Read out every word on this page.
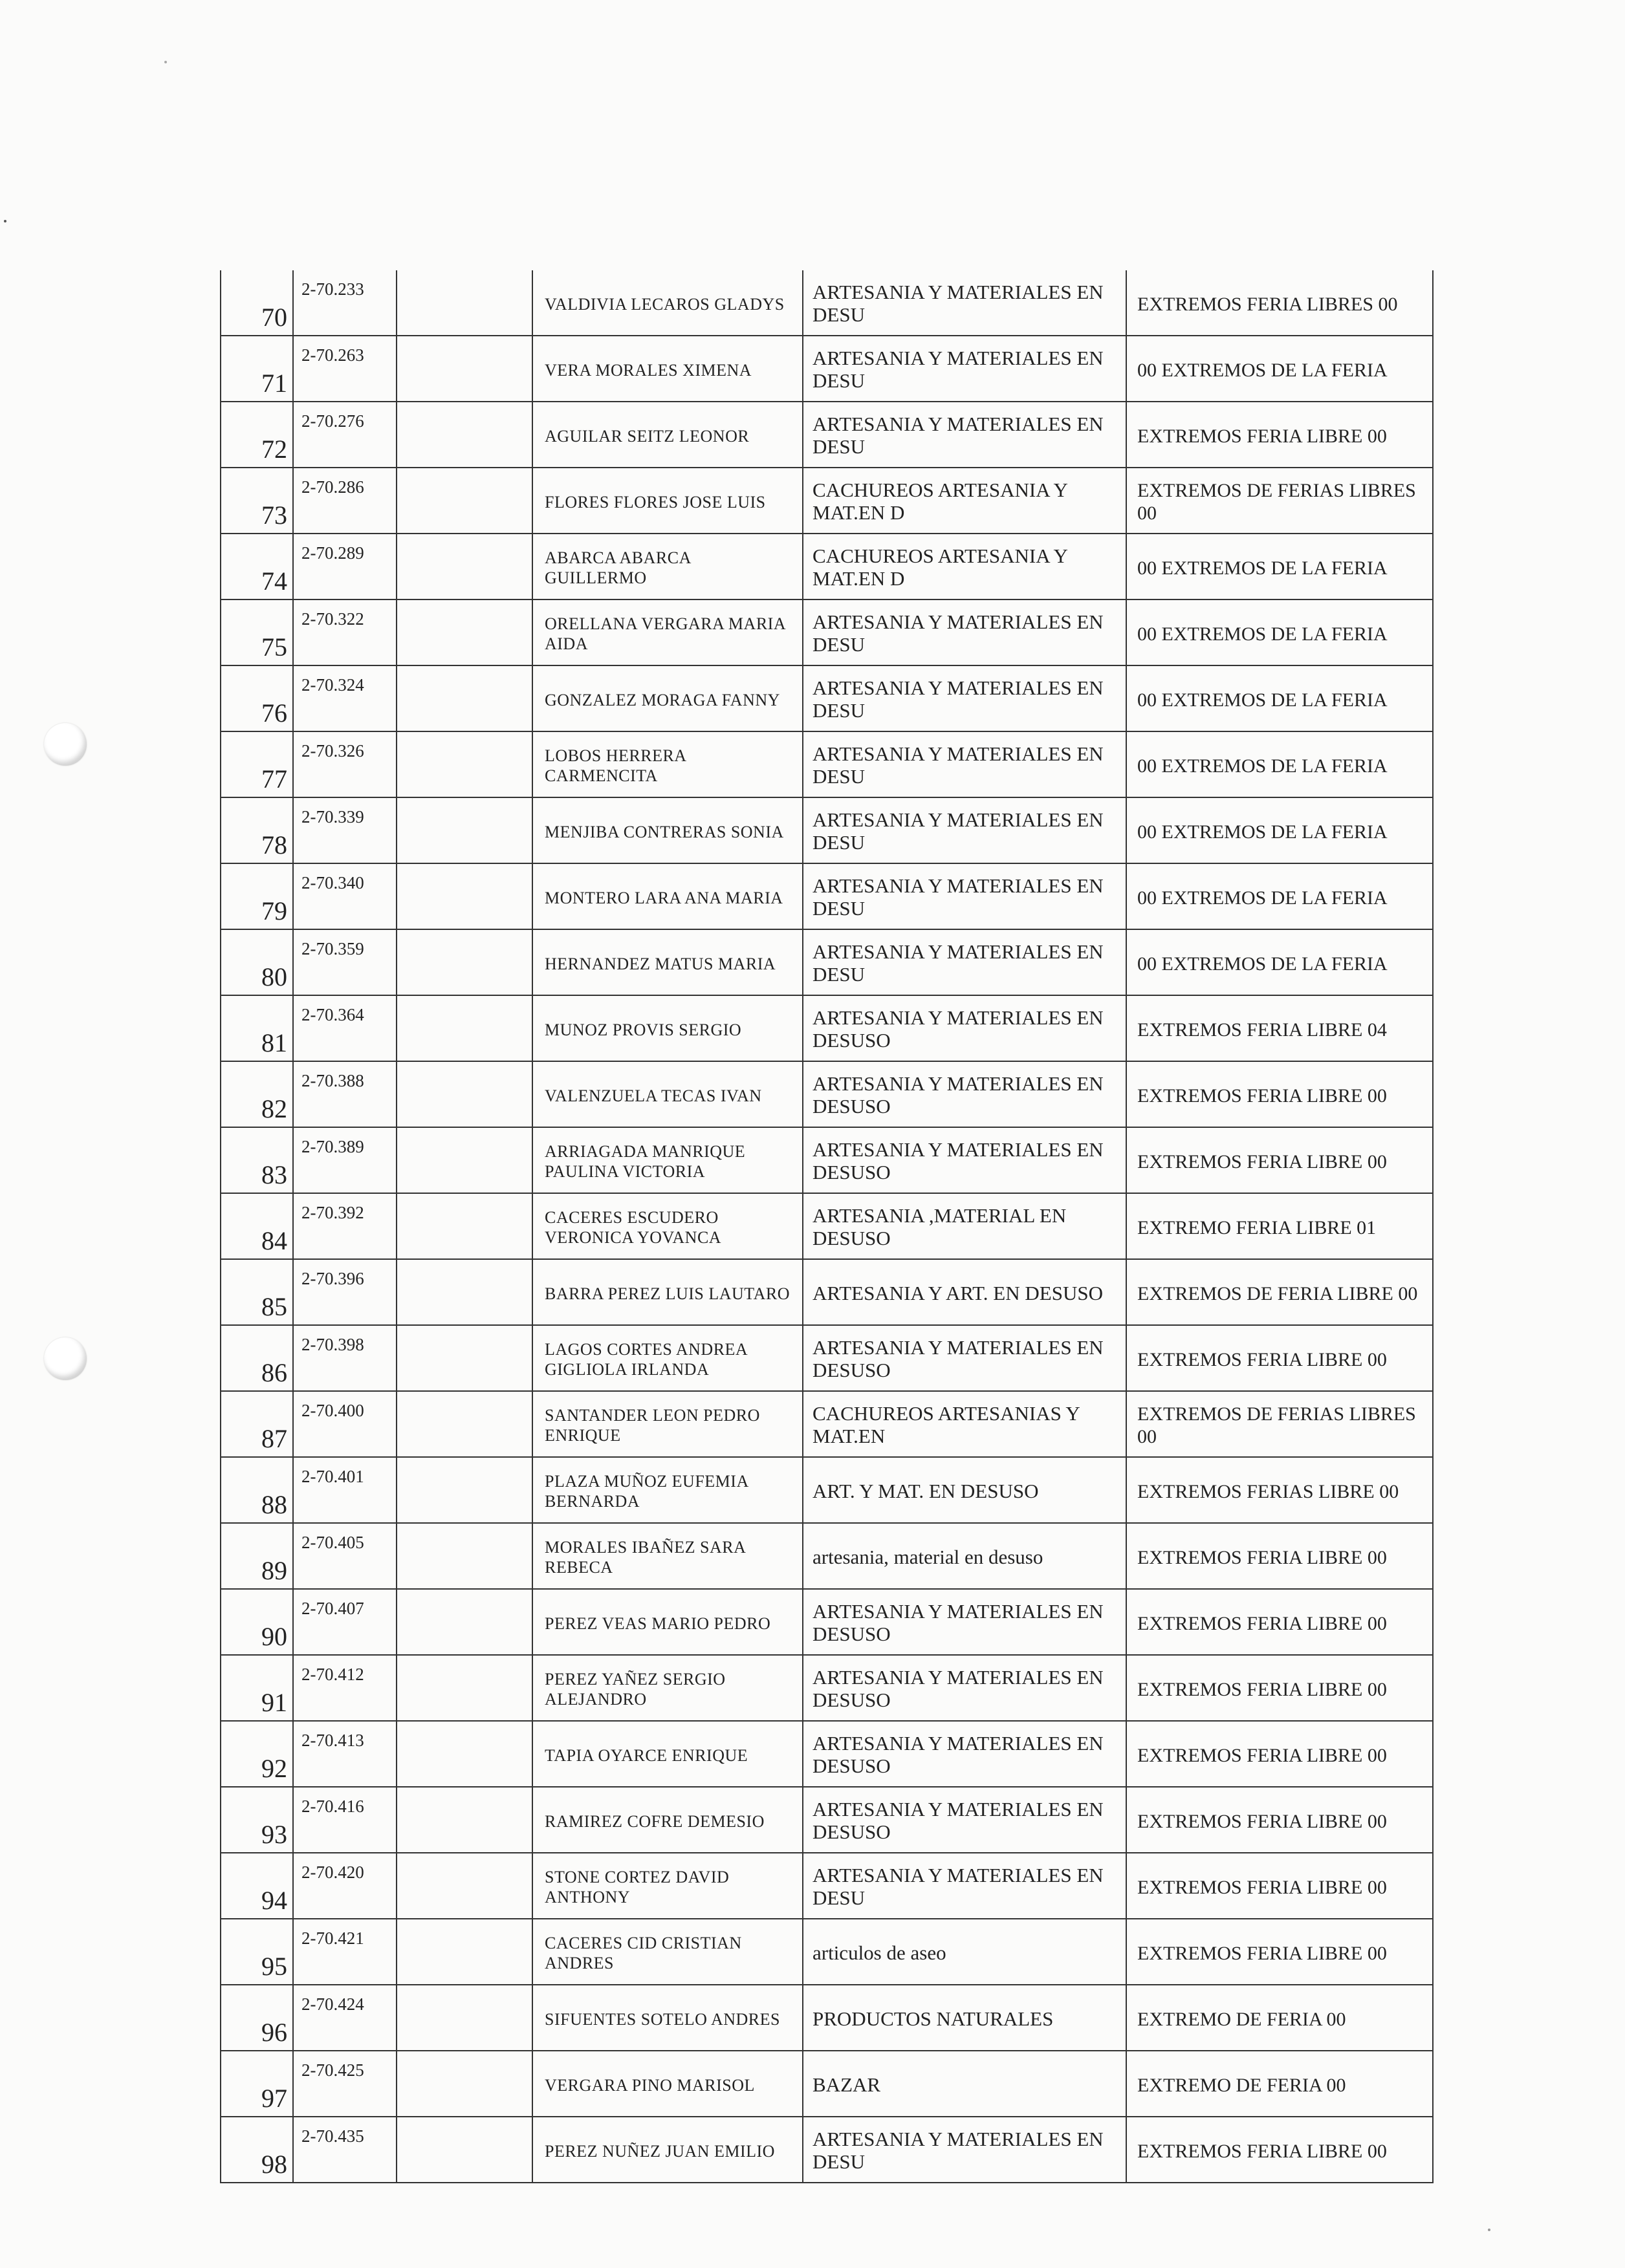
70	2-70.233		VALDIVIA LECAROS GLADYS	ARTESANIA Y MATERIALES EN DESU	EXTREMOS FERIA LIBRES 00
71	2-70.263		VERA MORALES XIMENA	ARTESANIA Y MATERIALES EN DESU	00 EXTREMOS DE LA FERIA
72	2-70.276		AGUILAR SEITZ LEONOR	ARTESANIA Y MATERIALES EN DESU	EXTREMOS FERIA LIBRE 00
73	2-70.286		FLORES FLORES JOSE LUIS	CACHUREOS ARTESANIA Y MAT.EN D	EXTREMOS DE FERIAS LIBRES 00
74	2-70.289		ABARCA ABARCA GUILLERMO	CACHUREOS ARTESANIA Y MAT.EN D	00 EXTREMOS DE LA FERIA
75	2-70.322		ORELLANA VERGARA MARIA AIDA	ARTESANIA Y MATERIALES EN DESU	00 EXTREMOS DE LA FERIA
76	2-70.324		GONZALEZ MORAGA FANNY	ARTESANIA Y MATERIALES EN DESU	00 EXTREMOS DE LA FERIA
77	2-70.326		LOBOS HERRERA CARMENCITA	ARTESANIA Y MATERIALES EN DESU	00 EXTREMOS DE LA FERIA
78	2-70.339		MENJIBA CONTRERAS SONIA	ARTESANIA Y MATERIALES EN DESU	00 EXTREMOS DE LA FERIA
79	2-70.340		MONTERO LARA ANA MARIA	ARTESANIA Y MATERIALES EN DESU	00 EXTREMOS DE LA FERIA
80	2-70.359		HERNANDEZ MATUS MARIA	ARTESANIA Y MATERIALES EN DESU	00 EXTREMOS DE LA FERIA
81	2-70.364		MUNOZ PROVIS SERGIO	ARTESANIA Y MATERIALES EN DESUSO	EXTREMOS FERIA LIBRE 04
82	2-70.388		VALENZUELA TECAS IVAN	ARTESANIA Y MATERIALES EN DESUSO	EXTREMOS FERIA LIBRE 00
83	2-70.389		ARRIAGADA MANRIQUE PAULINA VICTORIA	ARTESANIA Y MATERIALES EN DESUSO	EXTREMOS FERIA LIBRE 00
84	2-70.392		CACERES ESCUDERO VERONICA YOVANCA	ARTESANIA ,MATERIAL EN DESUSO	EXTREMO FERIA LIBRE 01
85	2-70.396		BARRA PEREZ LUIS LAUTARO	ARTESANIA Y ART. EN DESUSO	EXTREMOS DE FERIA LIBRE 00
86	2-70.398		LAGOS CORTES ANDREA GIGLIOLA IRLANDA	ARTESANIA Y MATERIALES EN DESUSO	EXTREMOS FERIA LIBRE 00
87	2-70.400		SANTANDER LEON PEDRO ENRIQUE	CACHUREOS ARTESANIAS Y MAT.EN	EXTREMOS DE FERIAS LIBRES 00
88	2-70.401		PLAZA MUÑOZ EUFEMIA BERNARDA	ART. Y MAT. EN DESUSO	EXTREMOS FERIAS LIBRE 00
89	2-70.405		MORALES IBAÑEZ SARA REBECA	artesania, material en desuso	EXTREMOS FERIA LIBRE 00
90	2-70.407		PEREZ VEAS MARIO PEDRO	ARTESANIA Y MATERIALES EN DESUSO	EXTREMOS FERIA LIBRE 00
91	2-70.412		PEREZ YAÑEZ SERGIO ALEJANDRO	ARTESANIA Y MATERIALES EN DESUSO	EXTREMOS FERIA LIBRE 00
92	2-70.413		TAPIA OYARCE ENRIQUE	ARTESANIA Y MATERIALES EN DESUSO	EXTREMOS FERIA LIBRE 00
93	2-70.416		RAMIREZ COFRE DEMESIO	ARTESANIA Y MATERIALES EN DESUSO	EXTREMOS FERIA LIBRE 00
94	2-70.420		STONE CORTEZ DAVID ANTHONY	ARTESANIA Y MATERIALES EN DESU	EXTREMOS FERIA LIBRE 00
95	2-70.421		CACERES CID CRISTIAN ANDRES	articulos de aseo	EXTREMOS FERIA LIBRE 00
96	2-70.424		SIFUENTES SOTELO ANDRES	PRODUCTOS NATURALES	EXTREMO DE FERIA 00
97	2-70.425		VERGARA PINO MARISOL	BAZAR	EXTREMO DE FERIA 00
98	2-70.435		PEREZ NUÑEZ JUAN EMILIO	ARTESANIA Y MATERIALES EN DESU	EXTREMOS FERIA LIBRE 00
